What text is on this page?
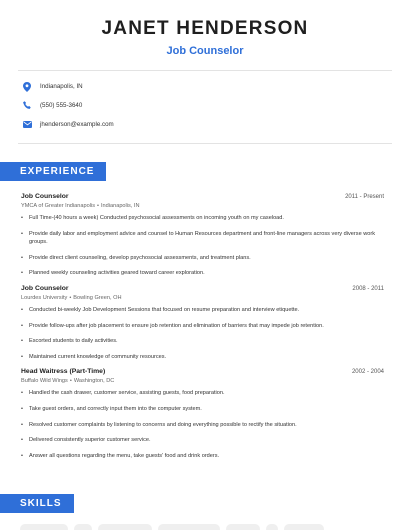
JANET HENDERSON
Job Counselor
Indianapolis, IN
(550) 555-3640
jhenderson@example.com
EXPERIENCE
Job Counselor	2011 - Present
YMCA of Greater Indianapolis • Indianapolis, IN
• Full Time-(40 hours a week) Conducted psychosocial assessments on incoming youth on my caseload.
• Provide daily labor and employment advice and counsel to Human Resources department and front-line managers across very diverse work groups.
• Provide direct client counseling, develop psychosocial assessments, and treatment plans.
• Planned weekly counseling activities geared toward career exploration.
Job Counselor	2008 - 2011
Lourdes University • Bowling Green, OH
• Conducted bi-weekly Job Development Sessions that focused on resume preparation and interview etiquette.
• Provide follow-ups after job placement to ensure job retention and elimination of barriers that may impede job retention.
• Escorted students to daily activities.
• Maintained current knowledge of community resources.
Head Waitress (Part-Time)	2002 - 2004
Buffalo Wild Wings • Washington, DC
• Handled the cash drawer, customer service, assisting guests, food preparation.
• Take guest orders, and correctly input them into the computer system.
• Resolved customer complaints by listening to concerns and doing everything possible to rectify the situation.
• Delivered consistently superior customer service.
• Answer all questions regarding the menu, take guests' food and drink orders.
SKILLS
